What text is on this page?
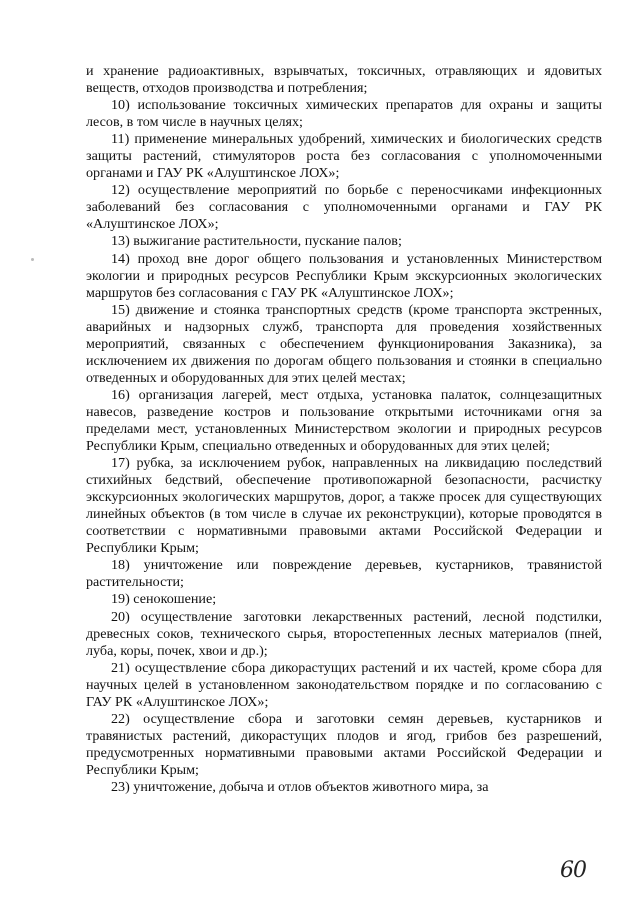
и хранение радиоактивных, взрывчатых, токсичных, отравляющих и ядовитых веществ, отходов производства и потребления;

10) использование токсичных химических препаратов для охраны и защиты лесов, в том числе в научных целях;

11) применение минеральных удобрений, химических и биологических средств защиты растений, стимуляторов роста без согласования с уполномоченными органами и ГАУ РК «Алуштинское ЛОХ»;

12) осуществление мероприятий по борьбе с переносчиками инфекционных заболеваний без согласования с уполномоченными органами и ГАУ РК «Алуштинское ЛОХ»;

13) выжигание растительности, пускание палов;

14) проход вне дорог общего пользования и установленных Министерством экологии и природных ресурсов Республики Крым экскурсионных экологических маршрутов без согласования с ГАУ РК «Алуштинское ЛОХ»;

15) движение и стоянка транспортных средств (кроме транспорта экстренных, аварийных и надзорных служб, транспорта для проведения хозяйственных мероприятий, связанных с обеспечением функционирования Заказника), за исключением их движения по дорогам общего пользования и стоянки в специально отведенных и оборудованных для этих целей местах;

16) организация лагерей, мест отдыха, установка палаток, солнцезащитных навесов, разведение костров и пользование открытыми источниками огня за пределами мест, установленных Министерством экологии и природных ресурсов Республики Крым, специально отведенных и оборудованных для этих целей;

17) рубка, за исключением рубок, направленных на ликвидацию последствий стихийных бедствий, обеспечение противопожарной безопасности, расчистку экскурсионных экологических маршрутов, дорог, а также просек для существующих линейных объектов (в том числе в случае их реконструкции), которые проводятся в соответствии с нормативными правовыми актами Российской Федерации и Республики Крым;

18) уничтожение или повреждение деревьев, кустарников, травянистой растительности;

19) сенокошение;

20) осуществление заготовки лекарственных растений, лесной подстилки, древесных соков, технического сырья, второстепенных лесных материалов (пней, луба, коры, почек, хвои и др.);

21) осуществление сбора дикорастущих растений и их частей, кроме сбора для научных целей в установленном законодательством порядке и по согласованию с ГАУ РК «Алуштинское ЛОХ»;

22) осуществление сбора и заготовки семян деревьев, кустарников и травянистых растений, дикорастущих плодов и ягод, грибов без разрешений, предусмотренных нормативными правовыми актами Российской Федерации и Республики Крым;

23) уничтожение, добыча и отлов объектов животного мира, за

60
